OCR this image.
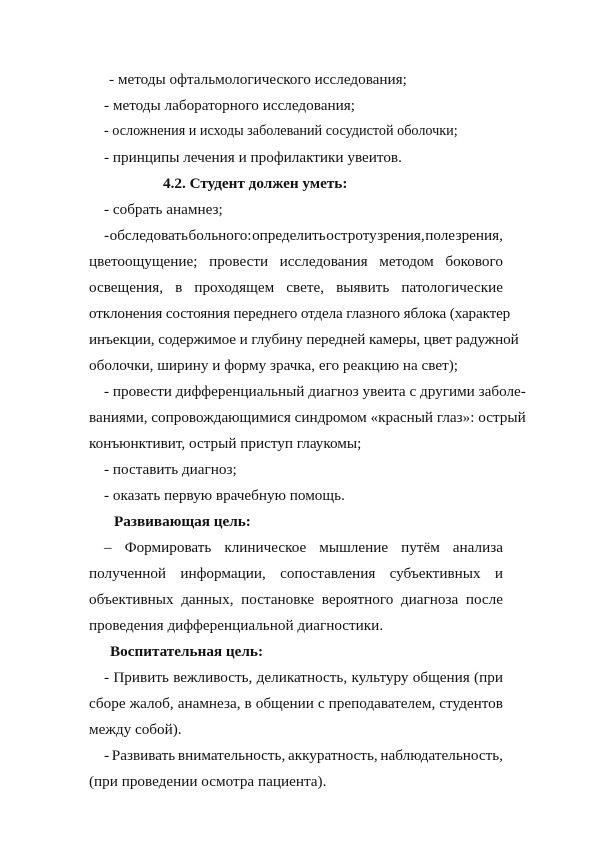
- методы офтальмологического исследования;
- методы лабораторного исследования;
- осложнения и исходы заболеваний сосудистой оболочки;
- принципы лечения и профилактики увеитов.
4.2. Студент должен уметь:
- собрать анамнез;
- обследовать больного: определить остроту зрения, поле зрения,
цветоощущение; провести исследования методом бокового
освещения, в проходящем свете, выявить патологические
отклонения состояния переднего отдела глазного яблока (характер
инъекции, содержимое и глубину передней камеры, цвет радужной
оболочки, ширину и форму зрачка, его реакцию на свет);
- провести дифференциальный диагноз увеита с другими заболе-
ваниями, сопровождающимися синдромом «красный глаз»: острый
конъюнктивит, острый приступ глаукомы;
- поставить диагноз;
- оказать первую врачебную помощь.
Развивающая цель:
– Формировать клиническое мышление путём анализа
полученной информации, сопоставления субъективных и
объективных данных, постановке вероятного диагноза после
проведения дифференциальной диагностики.
Воспитательная цель:
- Привить вежливость, деликатность, культуру общения (при
сборе жалоб, анамнеза, в общении с преподавателем, студентов
между собой).
- Развивать внимательность, аккуратность, наблюдательность,
(при проведении осмотра пациента).
